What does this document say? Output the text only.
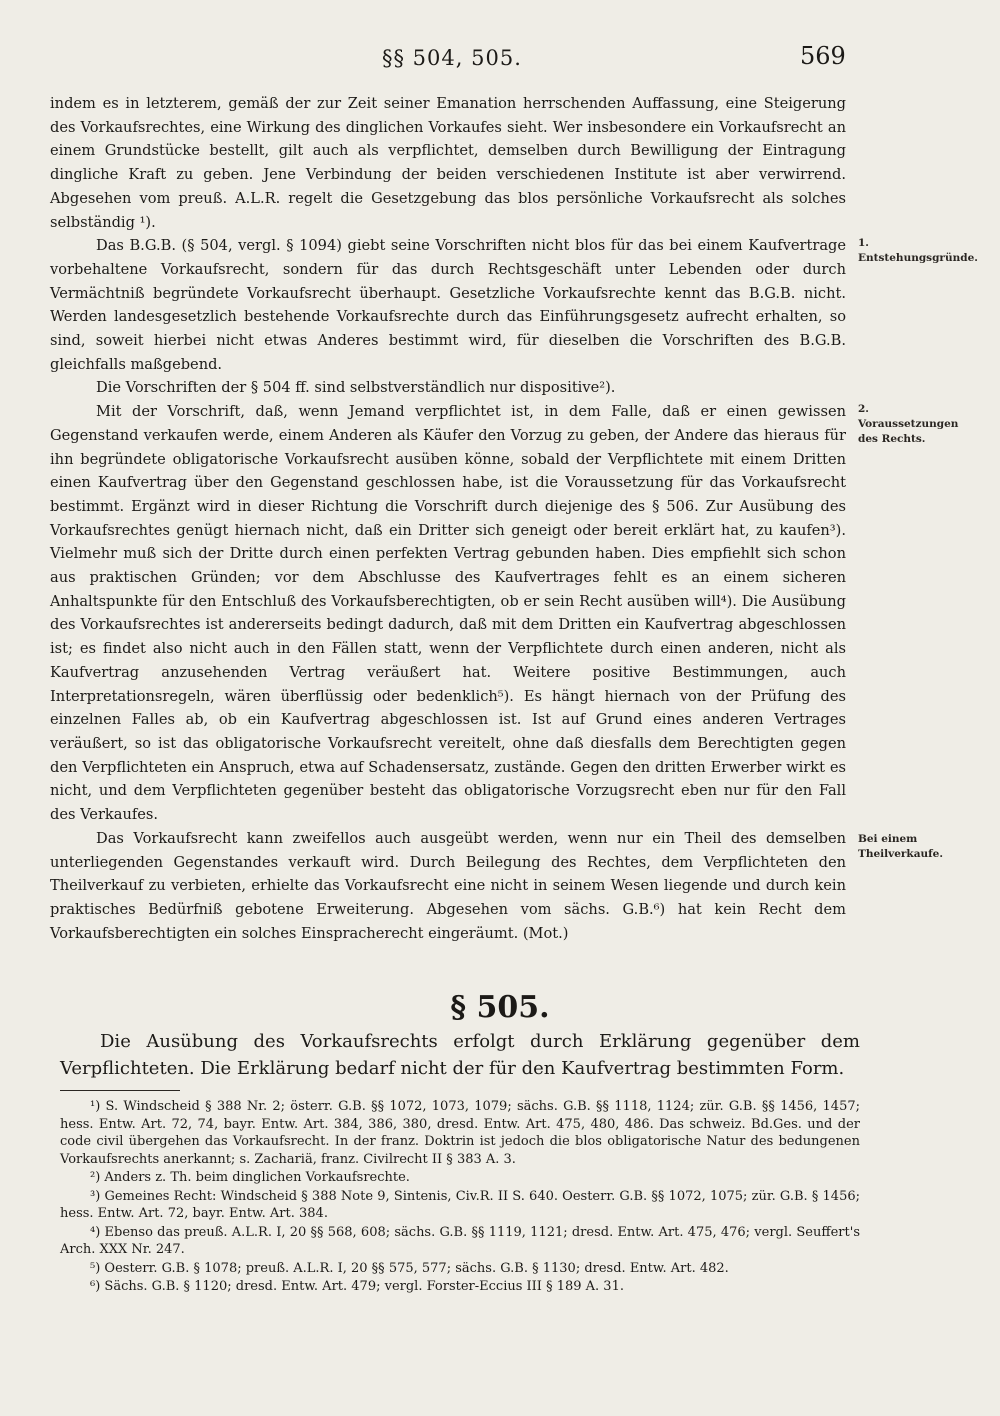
§§ 504, 505.	569

indem es in letzterem, gemäß der zur Zeit seiner Emanation herrschenden Auffassung, eine Steigerung des Vorkaufsrechtes, eine Wirkung des dinglichen Vorkaufes sieht. Wer insbesondere ein Vorkaufsrecht an einem Grundstücke bestellt, gilt auch als verpflichtet, demselben durch Bewilligung der Eintragung dingliche Kraft zu geben. Jene Verbindung der beiden verschiedenen Institute ist aber verwirrend. Abgesehen vom preuß. A.L.R. regelt die Gesetzgebung das blos persönliche Vorkaufsrecht als solches selbständig ¹).

Das B.G.B. (§ 504, vergl. § 1094) giebt seine Vorschriften nicht blos für das bei einem Kaufvertrage vorbehaltene Vorkaufsrecht, sondern für das durch Rechtsgeschäft unter Lebenden oder durch Vermächtniß begründete Vorkaufsrecht überhaupt. Gesetzliche Vorkaufsrechte kennt das B.G.B. nicht. Werden landesgesetzlich bestehende Vorkaufsrechte durch das Einführungsgesetz aufrecht erhalten, so sind, soweit hierbei nicht etwas Anderes bestimmt wird, für dieselben die Vorschriften des B.G.B. gleichfalls maßgebend.

Die Vorschriften der § 504 ff. sind selbstverständlich nur dispositive²).

Mit der Vorschrift, daß, wenn Jemand verpflichtet ist, in dem Falle, daß er einen gewissen Gegenstand verkaufen werde, einem Anderen als Käufer den Vorzug zu geben, der Andere das hieraus für ihn begründete obligatorische Vorkaufsrecht ausüben könne, sobald der Verpflichtete mit einem Dritten einen Kaufvertrag über den Gegenstand geschlossen habe, ist die Voraussetzung für das Vorkaufsrecht bestimmt. Ergänzt wird in dieser Richtung die Vorschrift durch diejenige des § 506. Zur Ausübung des Vorkaufsrechtes genügt hiernach nicht, daß ein Dritter sich geneigt oder bereit erklärt hat, zu kaufen³). Vielmehr muß sich der Dritte durch einen perfekten Vertrag gebunden haben. Dies empfiehlt sich schon aus praktischen Gründen; vor dem Abschlusse des Kaufvertrages fehlt es an einem sicheren Anhaltspunkte für den Entschluß des Vorkaufsberechtigten, ob er sein Recht ausüben will⁴). Die Ausübung des Vorkaufsrechtes ist andererseits bedingt dadurch, daß mit dem Dritten ein Kaufvertrag abgeschlossen ist; es findet also nicht auch in den Fällen statt, wenn der Verpflichtete durch einen anderen, nicht als Kaufvertrag anzusehenden Vertrag veräußert hat. Weitere positive Bestimmungen, auch Interpretationsregeln, wären überflüssig oder bedenklich⁵). Es hängt hiernach von der Prüfung des einzelnen Falles ab, ob ein Kaufvertrag abgeschlossen ist. Ist auf Grund eines anderen Vertrages veräußert, so ist das obligatorische Vorkaufsrecht vereitelt, ohne daß diesfalls dem Berechtigten gegen den Verpflichteten ein Anspruch, etwa auf Schadensersatz, zustände. Gegen den dritten Erwerber wirkt es nicht, und dem Verpflichteten gegenüber besteht das obligatorische Vorzugsrecht eben nur für den Fall des Verkaufes.

Das Vorkaufsrecht kann zweifellos auch ausgeübt werden, wenn nur ein Theil des demselben unterliegenden Gegenstandes verkauft wird. Durch Beilegung des Rechtes, dem Verpflichteten den Theilverkauf zu verbieten, erhielte das Vorkaufsrecht eine nicht in seinem Wesen liegende und durch kein praktisches Bedürfniß gebotene Erweiterung. Abgesehen vom sächs. G.B.⁶) hat kein Recht dem Vorkaufsberechtigten ein solches Einspracherecht eingeräumt. (Mot.)

1. Entstehungsgründe.
2. Voraussetzungen des Rechts.
Bei einem Theilverkaufe.
§ 505.

Die Ausübung des Vorkaufsrechts erfolgt durch Erklärung gegenüber dem Verpflichteten. Die Erklärung bedarf nicht der für den Kaufvertrag bestimmten Form.

¹) S. Windscheid § 388 Nr. 2; österr. G.B. §§ 1072, 1073, 1079; sächs. G.B. §§ 1118, 1124; zür. G.B. §§ 1456, 1457; hess. Entw. Art. 72, 74, bayr. Entw. Art. 384, 386, 380, dresd. Entw. Art. 475, 480, 486. Das schweiz. Bd.Ges. und der code civil übergehen das Vorkaufsrecht. In der franz. Doktrin ist jedoch die blos obligatorische Natur des bedungenen Vorkaufsrechts anerkannt; s. Zachariä, franz. Civilrecht II § 383 A. 3.

²) Anders z. Th. beim dinglichen Vorkaufsrechte.

³) Gemeines Recht: Windscheid § 388 Note 9, Sintenis, Civ.R. II S. 640. Oesterr. G.B. §§ 1072, 1075; zür. G.B. § 1456; hess. Entw. Art. 72, bayr. Entw. Art. 384.

⁴) Ebenso das preuß. A.L.R. I, 20 §§ 568, 608; sächs. G.B. §§ 1119, 1121; dresd. Entw. Art. 475, 476; vergl. Seuffert's Arch. XXX Nr. 247.

⁵) Oesterr. G.B. § 1078; preuß. A.L.R. I, 20 §§ 575, 577; sächs. G.B. § 1130; dresd. Entw. Art. 482.

⁶) Sächs. G.B. § 1120; dresd. Entw. Art. 479; vergl. Forster-Eccius III § 189 A. 31.
